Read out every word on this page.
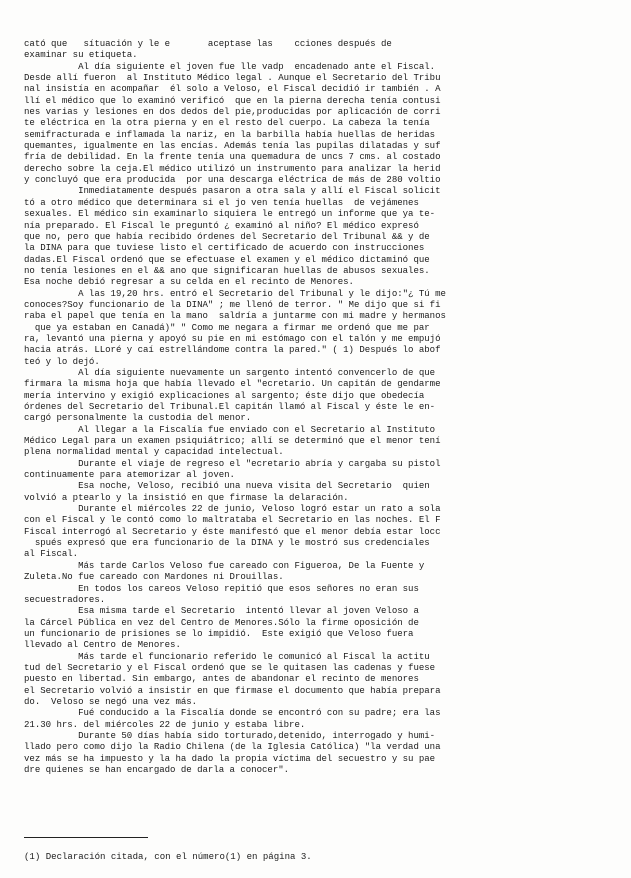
cató que   sítuación y le e       aceptase las    cciones después de
examinar su etiqueta.
Al día siguiente el joven fue lle vadp  encadenado ante el Fiscal.
Desde allí fueron  al Instituto Médico legal . Aunque el Secretario del Tribu
nal insistía en acompañar  él solo a Veloso, el Fiscal decidió ir también . A
llí el médico que lo examinó verificó  que en la pierna derecha tenía contusi
nes varias y lesiones en dos dedos del pie,producidas por aplicación de corri
te eléctrica en la otra pierna y en el resto del cuerpo. La cabeza la tenía
semifracturada e inflamada la nariz, en la barbilla había huellas de heridas
quemantes, igualmente en las encías. Además tenía las pupilas dilatadas y suf
fría de debilidad. En la frente tenía una quemadura de uncs 7 cms. al costado
derecho sobre la ceja.El médico utilizó un instrumento para analizar la herid
y concluyó que era producida  por una descarga eléctrica de más de 280 voltio
Inmediatamente después pasaron a otra sala y allí el Fiscal solicit
tó a otro médico que determinara si el jo ven tenía huellas  de vejámenes
sexuales. El médico sin examinarlo siquiera le entregó un informe que ya te-
nía preparado. El Fiscal le preguntó ¿ examinó al niño? El médico expresó
que no, pero que había recibido órdenes del Secretario del Tribunal && y de
la DINA para que tuviese listo el certificado de acuerdo con instrucciones
dadas.El Fiscal ordenó que se efectuase el examen y el médico dictaminó que
no tenía lesiones en el && ano que significaran huellas de abusos sexuales.
Esa noche debió regresar a su celda en el recinto de Menores.
A las 19,20 hrs. entró el Secretario del Tribunal y le dijo:"¿ Tú me
conoces?Soy funcionario de la DINA" ; me llenó de terror. " Me dijo que si fi
raba el papel que tenía en la mano  saldría a juntarme con mi madre y hermanos
que ya estaban en Canadá)" " Como me negara a firmar me ordenó que me par
ra, levantó una pierna y apoyó su pie en mi estómago con el talón y me empujó
hacia atrás. LLoré y caí estrellándome contra la pared." ( 1) Después lo abof
teó y lo dejó.
Al día siguiente nuevamente un sargento intentó convencerlo de que
firmara la misma hoja que había llevado el "ecretario. Un capitán de gendarme
mería intervino y exigió explicaciones al sargento; éste dijo que obedecía
órdenes del Secretario del Tribunal.El capitán llamó al Fiscal y éste le en-
cargó personalmente la custodia del menor.
Al llegar a la Fiscalía fue enviado con el Secretario al Instituto
Médico Legal para un examen psiquiátrico; allí se determinó que el menor tení
plena normalidad mental y capacidad intelectual.
Durante el viaje de regreso el "ecretario abría y cargaba su pistol
continuamente para atemorizar al joven.
Esa noche, Veloso, recibió una nueva visita del Secretario  quien
volvió a ptearlo y la insistió en que firmase la delaración.
Durante el miércoles 22 de junio, Veloso logró estar un rato a sola
con el Fiscal y le contó como lo maltrataba el Secretario en las noches. El F
Fiscal interrogó al Secretario y éste manifestó que el menor debía estar locc
spués expresó que era funcionario de la DINA y le mostró sus credenciales
al Fiscal.
Más tarde Carlos Veloso fue careado con Figueroa, De la Fuente y
Zuleta.No fue careado con Mardones ni Drouillas.
En todos los careos Veloso repitió que esos señores no eran sus
secuestradores.
Esa misma tarde el Secretario  intentó llevar al joven Veloso a
la Cárcel Pública en vez del Centro de Menores.Sólo la firme oposición de
un funcionario de prisiones se lo impidió.  Este exigió que Veloso fuera
llevado al Centro de Menores.
Más tarde el funcionario referido le comunicó al Fiscal la actitu
tud del Secretario y el Fiscal ordenó que se le quitasen las cadenas y fuese
puesto en libertad. Sin embargo, antes de abandonar el recinto de menores
el Secretario volvió a insistir en que firmase el documento que había prepara
do.  Veloso se negó una vez más.
Fué conducido a la Fiscalía donde se encontró con su padre; era las
21.30 hrs. del miércoles 22 de junio y estaba libre.
Durante 50 días había sido torturado,detenido, interrogado y humi-
llado pero como dijo la Radio Chilena (de la Iglesia Católica) "la verdad una
vez más se ha impuesto y la ha dado la propia víctima del secuestro y su pae
dre quienes se han encargado de darla a conocer".
(1) Declaración citada, con el número(1) en página 3.
